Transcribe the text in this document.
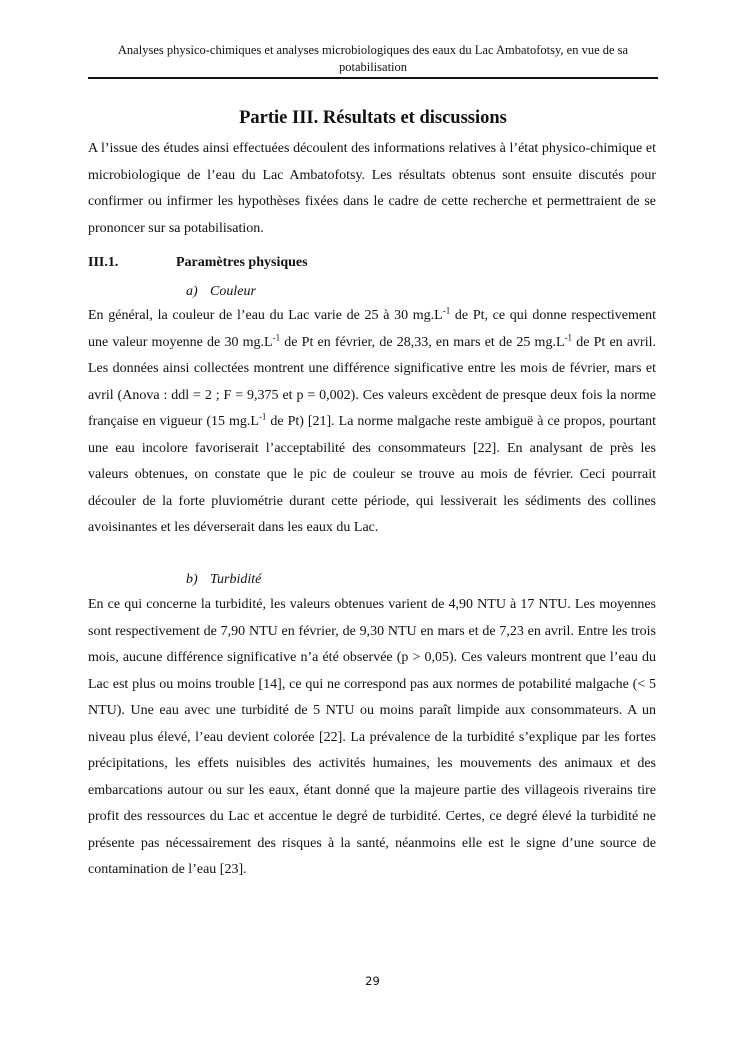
Analyses physico-chimiques et analyses microbiologiques des eaux du Lac Ambatofotsy, en vue de sa potabilisation
Partie III. Résultats et discussions

A l’issue des études ainsi effectuées découlent des informations relatives à l’état physico-chimique et microbiologique de l’eau du Lac Ambatofotsy. Les résultats obtenus sont ensuite discutés pour confirmer ou infirmer les hypothèses fixées dans le cadre de cette recherche et permettraient de se prononcer sur sa potabilisation.

III.1.	Paramètres physiques
a) Couleur

En général, la couleur de l’eau du Lac varie de 25 à 30 $mg.L^{-1}$ de Pt, ce qui donne respectivement une valeur moyenne de 30 $mg.L^{-1}$ de Pt en février, de 28,33, en mars et de 25 $mg.L^{-1}$ de Pt en avril. Les données ainsi collectées montrent une différence significative entre les mois de février, mars et avril (Anova : ddl = 2 ; F = 9,375 et p = 0,002). Ces valeurs excèdent de presque deux fois la norme française en vigueur (15 $mg.L^{-1}$ de Pt) [21]. La norme malgache reste ambiguë à ce propos, pourtant une eau incolore favoriserait l’acceptabilité des consommateurs [22]. En analysant de près les valeurs obtenues, on constate que le pic de couleur se trouve au mois de février. Ceci pourrait découler de la forte pluviométrie durant cette période, qui lessiverait les sédiments des collines avoisinantes et les déverserait dans les eaux du Lac.

b) Turbidité

En ce qui concerne la turbidité, les valeurs obtenues varient de 4,90 NTU à 17 NTU. Les moyennes sont respectivement de 7,90 NTU en février, de 9,30 NTU en mars et de 7,23 en avril. Entre les trois mois, aucune différence significative n’a été observée (p > 0,05). Ces valeurs montrent que l’eau du Lac est plus ou moins trouble [14], ce qui ne correspond pas aux normes de potabilité malgache (< 5 NTU). Une eau avec une turbidité de 5 NTU ou moins paraît limpide aux consommateurs. A un niveau plus élevé, l’eau devient colorée [22]. La prévalence de la turbidité s’explique par les fortes précipitations, les effets nuisibles des activités humaines, les mouvements des animaux et des embarcations autour ou sur les eaux, étant donné que la majeure partie des villageois riverains tire profit des ressources du Lac et accentue le degré de turbidité. Certes, ce degré élevé la turbidité ne présente pas nécessairement des risques à la santé, néanmoins elle est le signe d’une source de contamination de l’eau [23].

29
